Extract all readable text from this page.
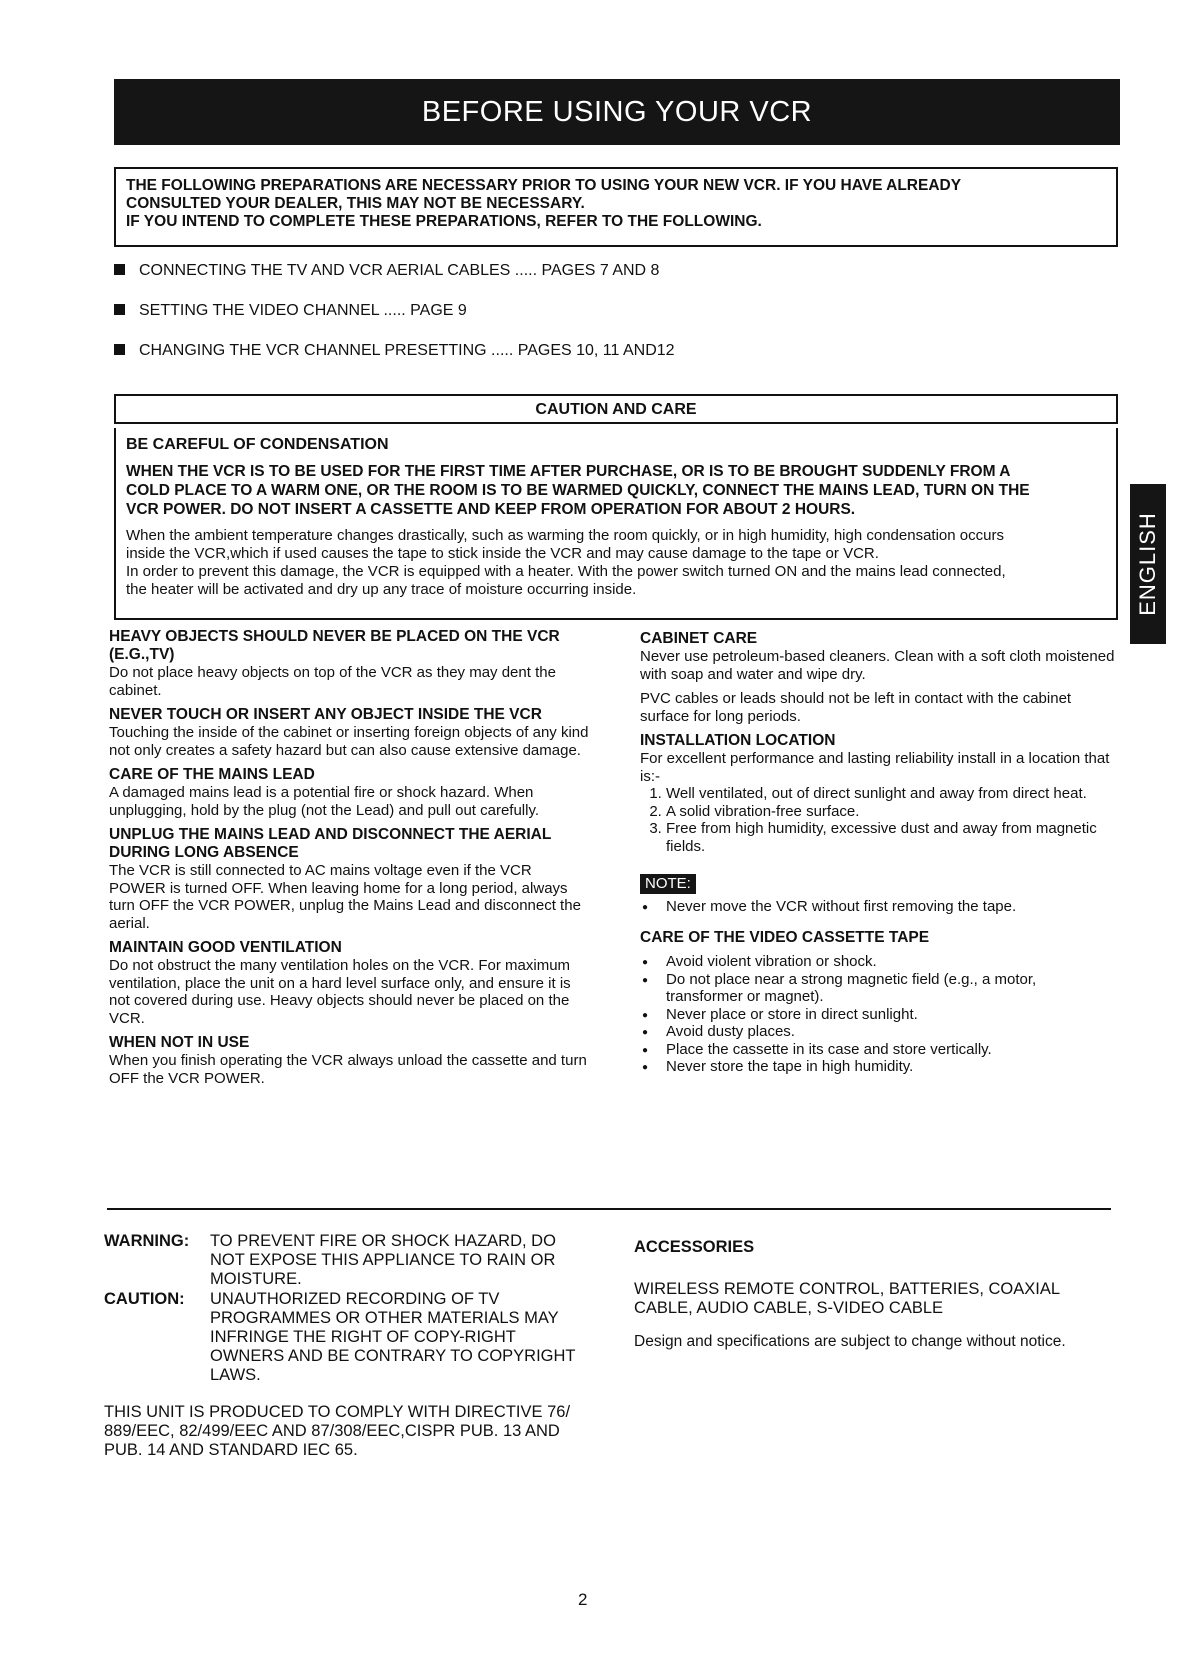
BEFORE USING YOUR VCR
THE FOLLOWING PREPARATIONS ARE NECESSARY PRIOR TO USING YOUR NEW VCR. IF YOU HAVE ALREADY
CONSULTED YOUR DEALER, THIS MAY NOT BE NECESSARY.
IF YOU INTEND TO COMPLETE THESE PREPARATIONS, REFER TO THE FOLLOWING.
CONNECTING THE TV AND VCR AERIAL CABLES ..... PAGES 7 AND 8
SETTING THE VIDEO CHANNEL ..... PAGE 9
CHANGING THE VCR CHANNEL PRESETTING ..... PAGES 10, 11 AND12
CAUTION AND CARE
BE CAREFUL OF CONDENSATION
WHEN THE VCR IS TO BE USED FOR THE FIRST TIME AFTER PURCHASE, OR IS TO BE BROUGHT SUDDENLY FROM A
COLD PLACE TO A WARM ONE, OR THE ROOM IS TO BE WARMED QUICKLY, CONNECT THE MAINS LEAD, TURN ON THE
VCR POWER. DO NOT INSERT A CASSETTE AND KEEP FROM OPERATION FOR ABOUT 2 HOURS.
When the ambient temperature changes drastically, such as warming the room quickly, or in high humidity, high condensation occurs
inside the VCR,which if used causes the tape to stick inside the VCR and may cause damage to the tape or VCR.
In order to prevent this damage, the VCR is equipped with a heater. With the power switch turned ON and the mains lead connected,
the heater will be activated and dry up any trace of moisture occurring inside.	ENGLISH
HEAVY OBJECTS SHOULD NEVER BE PLACED ON THE VCR (E.G.,TV)

Do not place heavy objects on top of the VCR as they may dent the cabinet.

NEVER TOUCH OR INSERT ANY OBJECT INSIDE THE VCR

Touching the inside of the cabinet or inserting foreign objects of any kind not only creates a safety hazard but can also cause extensive damage.

CARE OF THE MAINS LEAD

A damaged mains lead is a potential fire or shock hazard. When unplugging, hold by the plug (not the Lead) and pull out carefully.

UNPLUG THE MAINS LEAD AND DISCONNECT THE AERIAL DURING LONG ABSENCE

The VCR is still connected to AC mains voltage even if the VCR POWER is turned OFF. When leaving home for a long period, always turn OFF the VCR POWER, unplug the Mains Lead and disconnect the aerial.

MAINTAIN GOOD VENTILATION

Do not obstruct the many ventilation holes on the VCR. For maximum ventilation, place the unit on a hard level surface only, and ensure it is not covered during use. Heavy objects should never be placed on the VCR.

WHEN NOT IN USE

When you finish operating the VCR always unload the cassette and turn OFF the VCR POWER.

CABINET CARE

Never use petroleum-based cleaners. Clean with a soft cloth moistened with soap and water and wipe dry.

PVC cables or leads should not be left in contact with the cabinet surface for long periods.

INSTALLATION LOCATION

For excellent performance and lasting reliability install in a location that is:-

1. Well ventilated, out of direct sunlight and away from direct heat.
2. A solid vibration-free surface.
3. Free from high humidity, excessive dust and away from magnetic fields.
NOTE:
● Never move the VCR without first removing the tape.
CARE OF THE VIDEO CASSETTE TAPE
● Avoid violent vibration or shock.
● Do not place near a strong magnetic field (e.g., a motor, transformer or magnet).
● Never place or store in direct sunlight.
● Avoid dusty places.
● Place the cassette in its case and store vertically.
● Never store the tape in high humidity.
WARNING: TO PREVENT FIRE OR SHOCK HAZARD, DO NOT EXPOSE THIS APPLIANCE TO RAIN OR MOISTURE.
CAUTION: UNAUTHORIZED RECORDING OF TV PROGRAMMES OR OTHER MATERIALS MAY INFRINGE THE RIGHT OF COPY-RIGHT OWNERS AND BE CONTRARY TO COPYRIGHT LAWS.
THIS UNIT IS PRODUCED TO COMPLY WITH DIRECTIVE 76/ 889/EEC, 82/499/EEC AND 87/308/EEC,CISPR PUB. 13 AND PUB. 14 AND STANDARD IEC 65.
ACCESSORIES
WIRELESS REMOTE CONTROL, BATTERIES, COAXIAL CABLE, AUDIO CABLE, S-VIDEO CABLE
Design and specifications are subject to change without notice.
2
